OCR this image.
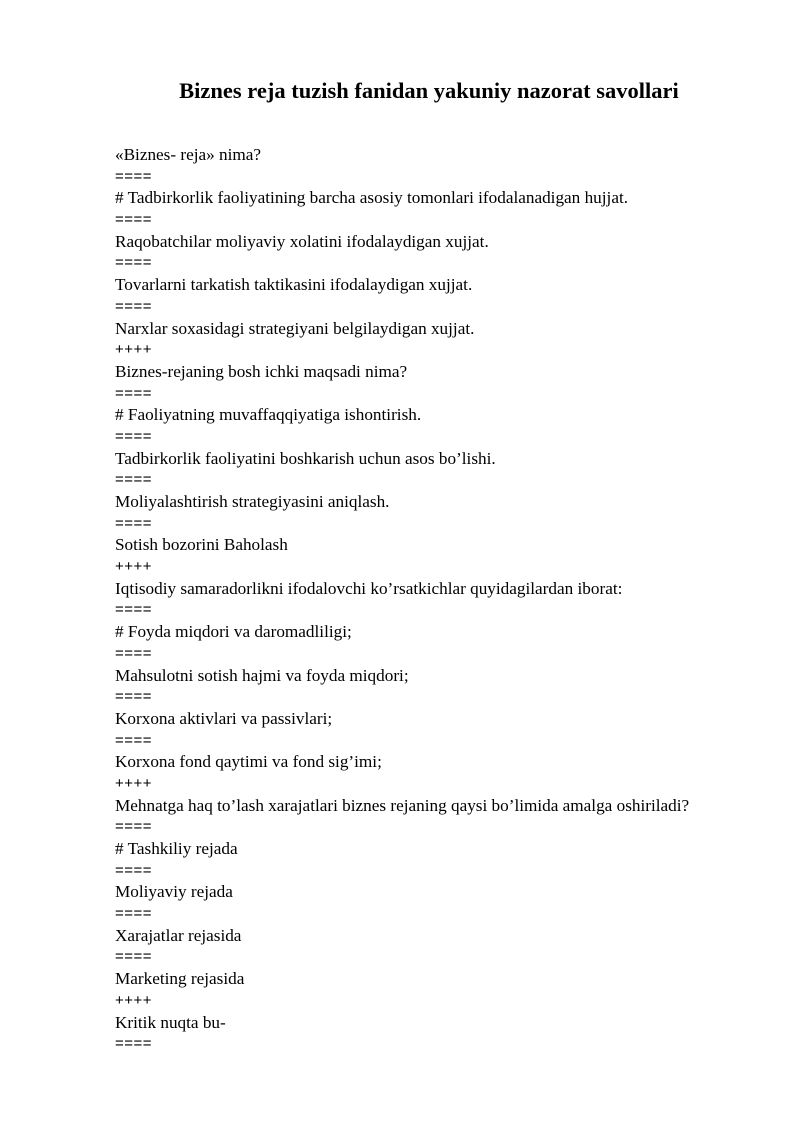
Biznes reja tuzish fanidan yakuniy nazorat savollari
«Biznes- reja» nima?
====
# Tadbirkorlik faoliyatining barcha asosiy tomonlari ifodalanadigan hujjat.
====
Raqobatchilar moliyaviy xolatini ifodalaydigan xujjat.
====
Tovarlarni tarkatish taktikasini ifodalaydigan xujjat.
====
Narxlar soxasidagi strategiyani belgilaydigan xujjat.
++++
Biznes-rejaning bosh ichki maqsadi nima?
====
# Faoliyatning muvaffaqqiyatiga ishontirish.
====
Tadbirkorlik faoliyatini boshkarish uchun asos bo’lishi.
====
Moliyalashtirish strategiyasini aniqlash.
====
Sotish bozorini Baholash
++++
Iqtisodiy samaradorlikni ifodalovchi ko’rsatkichlar quyidagilardan iborat:
====
# Foyda miqdori va daromadliligi;
====
Mahsulotni sotish hajmi va foyda miqdori;
====
Korxona aktivlari va passivlari;
====
Korxona fond qaytimi va fond sig’imi;
++++
Mehnatga haq to’lash xarajatlari biznes rejaning qaysi bo’limida amalga oshiriladi?
====
# Tashkiliy rejada
====
Moliyaviy rejada
====
Xarajatlar rejasida
====
Marketing rejasida
++++
Kritik nuqta bu-
====
